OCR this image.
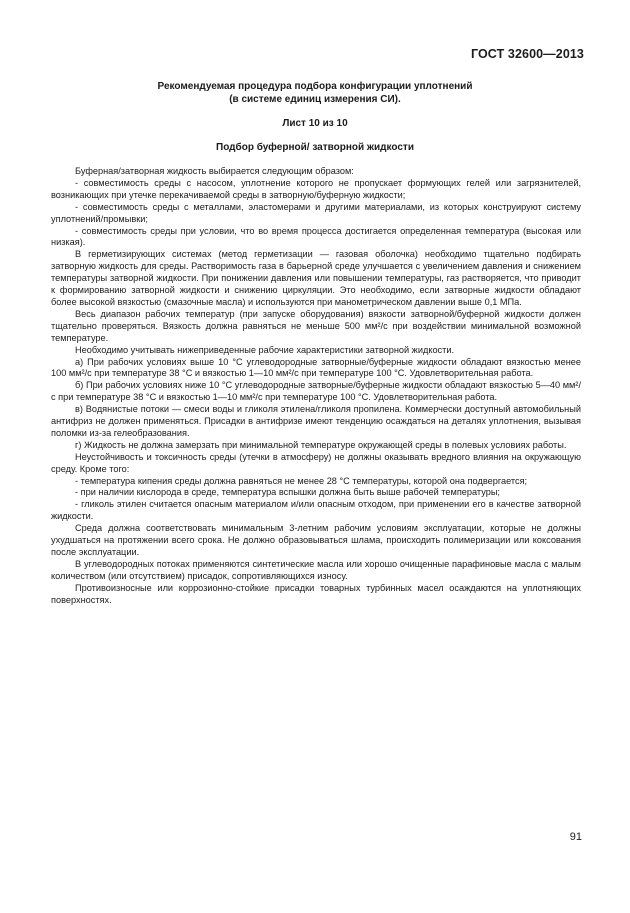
ГОСТ 32600—2013
Рекомендуемая процедура подбора конфигурации уплотнений
(в системе единиц измерения СИ).
Лист 10 из 10
Подбор буферной/ затворной жидкости

Буферная/затворная жидкость выбирается следующим образом:

- совместимость среды с насосом, уплотнение которого не пропускает формующих гелей или загрязнителей, возникающих при утечке перекачиваемой среды в затворную/буферную жидкости;

- совместимость среды с металлами, эластомерами и другими материалами, из которых конструируют систему уплотнений/промывки;

- совместимость среды при условии, что во время процесса достигается определенная температура (высокая или низкая).

В герметизирующих системах (метод герметизации — газовая оболочка) необходимо тщательно подбирать затворную жидкость для среды. Растворимость газа в барьерной среде улучшается с увеличением давления и снижением температуры затворной жидкости. При понижении давления или повышении температуры, газ растворяется, что приводит к формированию затворной жидкости и снижению циркуляции. Это необходимо, если затворные жидкости обладают более высокой вязкостью (смазочные масла) и используются при манометрическом давлении выше 0,1 МПа.

Весь диапазон рабочих температур (при запуске оборудования) вязкости затворной/буферной жидкости должен тщательно проверяться. Вязкость должна равняться не меньше 500 мм²/с при воздействии минимальной возможной температуре.

Необходимо учитывать нижеприведенные рабочие характеристики затворной жидкости.

а) При рабочих условиях выше 10 °С углеводородные затворные/буферные жидкости обладают вязкостью менее 100 мм²/с при температуре 38 °С и вязкостью 1—10 мм²/с при температуре 100 °С. Удовлетворительная работа.

б) При рабочих условиях ниже 10 °С углеводородные затворные/буферные жидкости обладают вязкостью 5—40 мм²/с при температуре 38 °С и вязкостью 1—10 мм²/с при температуре 100 °С. Удовлетворительная работа.

в) Водянистые потоки — смеси воды и гликоля этилена/гликоля пропилена. Коммерчески доступный автомобильный антифриз не должен применяться. Присадки в антифризе имеют тенденцию осаждаться на деталях уплотнения, вызывая поломки из-за гелеобразования.

г) Жидкость не должна замерзать при минимальной температуре окружающей среды в полевых условиях работы.

Неустойчивость и токсичность среды (утечки в атмосферу) не должны оказывать вредного влияния на окружающую среду. Кроме того:

- температура кипения среды должна равняться не менее 28 °С температуры, которой она подвергается;

- при наличии кислорода в среде, температура вспышки должна быть выше рабочей температуры;

- гликоль этилен считается опасным материалом и/или опасным отходом, при применении его в качестве затворной жидкости.

Среда должна соответствовать минимальным 3-летним рабочим условиям эксплуатации, которые не должны ухудшаться на протяжении всего срока. Не должно образовываться шлама, происходить полимеризации или коксования после эксплуатации.

В углеводородных потоках применяются синтетические масла или хорошо очищенные парафиновые масла с малым количеством (или отсутствием) присадок, сопротивляющихся износу.

Противоизносные или коррозионно-стойкие присадки товарных турбинных масел осаждаются на уплотняющих поверхностях.

91
